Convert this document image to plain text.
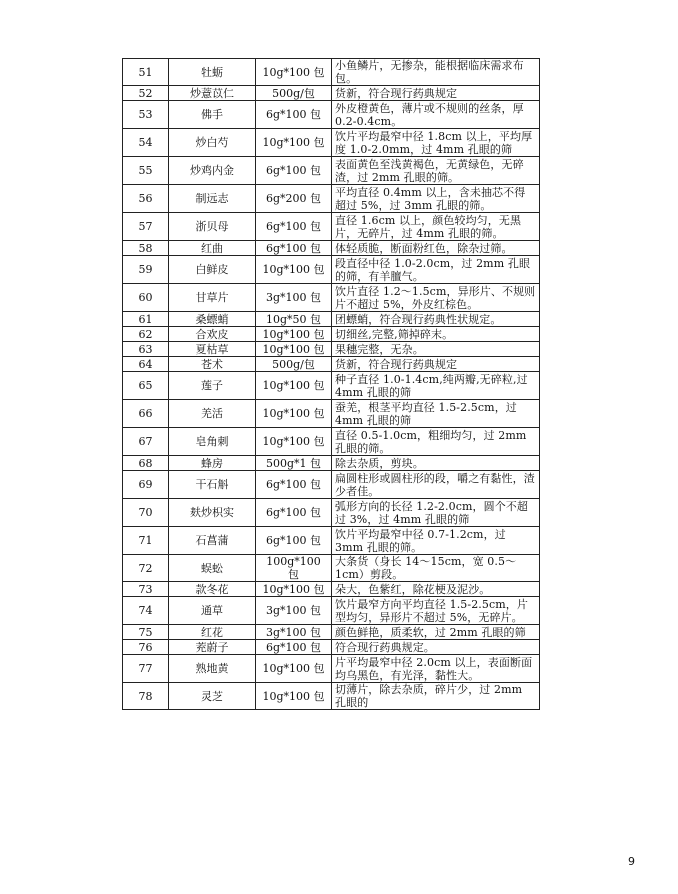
51	牡蛎	10g*100 包	小鱼鳞片，无掺杂，能根据临床需求布包。
52	炒薏苡仁	500g/包	货新，符合现行药典规定
53	佛手	6g*100 包	外皮橙黄色，薄片或不规则的丝条，厚 0.2-0.4cm。
54	炒白芍	10g*100 包	饮片平均最窄中径 1.8cm 以上，平均厚度 1.0-2.0mm，过 4mm 孔眼的筛
55	炒鸡内金	6g*100 包	表面黄色至浅黄褐色，无黄绿色，无碎渣，过 2mm 孔眼的筛。
56	制远志	6g*200 包	平均直径 0.4mm 以上，含未抽芯不得超过 5%，过 3mm 孔眼的筛。
57	浙贝母	6g*100 包	直径 1.6cm 以上，颜色较均匀，无黑片，无碎片，过 4mm 孔眼的筛。
58	红曲	6g*100 包	体轻质脆，断面粉红色，除杂过筛。
59	白鲜皮	10g*100 包	段直径中径 1.0-2.0cm，过 2mm 孔眼的筛，有羊膻气。
60	甘草片	3g*100 包	饮片直径 1.2～1.5cm，异形片、不规则片不超过 5%，外皮红棕色。
61	桑螵蛸	10g*50 包	团螵蛸，符合现行药典性状规定。
62	合欢皮	10g*100 包	切细丝,完整,筛掉碎末。
63	夏枯草	10g*100 包	果穗完整，无杂。
64	苍术	500g/包	货新，符合现行药典规定
65	莲子	10g*100 包	种子直径 1.0-1.4cm,纯两瓣,无碎粒,过 4mm 孔眼的筛
66	羌活	10g*100 包	蚕羌，根茎平均直径 1.5-2.5cm，过 4mm 孔眼的筛
67	皂角刺	10g*100 包	直径 0.5-1.0cm，粗细均匀，过 2mm 孔眼的筛。
68	蜂房	500g*1 包	除去杂质，剪块。
69	干石斛	6g*100 包	扁圆柱形或圆柱形的段，嚼之有黏性，渣少者佳。
70	麸炒枳实	6g*100 包	弧形方向的长径 1.2-2.0cm，圆个不超过 3%，过 4mm 孔眼的筛
71	石菖蒲	6g*100 包	饮片平均最窄中径 0.7-1.2cm，过 3mm 孔眼的筛。
72	蜈蚣	100g*100 包	大条货（身长 14～15cm，宽 0.5～1cm）剪段。
73	款冬花	10g*100 包	朵大，色紫红，除花梗及泥沙。
74	通草	3g*100 包	饮片最窄方向平均直径 1.5-2.5cm，片型均匀，异形片不超过 5%，无碎片。
75	红花	3g*100 包	颜色鲜艳，质柔软，过 2mm 孔眼的筛
76	茺蔚子	6g*100 包	符合现行药典规定。
77	熟地黄	10g*100 包	片平均最窄中径 2.0cm 以上，表面断面均乌黑色，有光泽，黏性大。
78	灵芝	10g*100 包	切薄片，除去杂质，碎片少，过 2mm 孔眼的
9
